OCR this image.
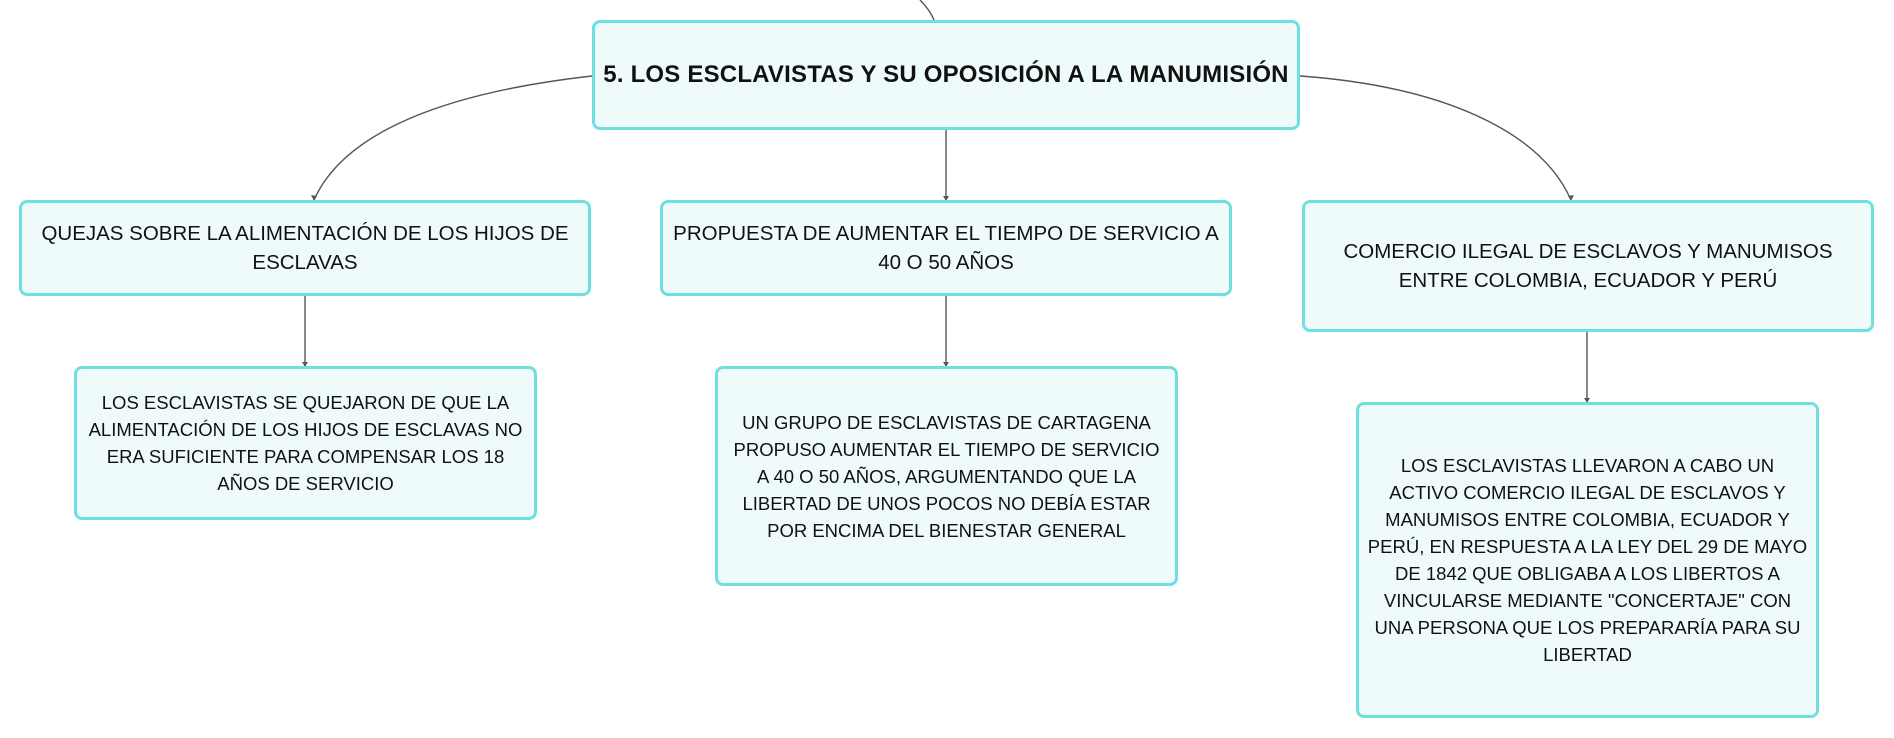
5. LOS ESCLAVISTAS Y SU OPOSICIÓN A LA MANUMISIÓN
QUEJAS SOBRE LA ALIMENTACIÓN DE LOS HIJOS DE ESCLAVAS
PROPUESTA DE AUMENTAR EL TIEMPO DE SERVICIO A 40 O 50 AÑOS	COMERCIO ILEGAL DE ESCLAVOS Y MANUMISOS ENTRE COLOMBIA, ECUADOR Y PERÚ
LOS ESCLAVISTAS SE QUEJARON DE QUE LA ALIMENTACIÓN DE LOS HIJOS DE ESCLAVAS NO ERA SUFICIENTE PARA COMPENSAR LOS 18 AÑOS DE SERVICIO
UN GRUPO DE ESCLAVISTAS DE CARTAGENA PROPUSO AUMENTAR EL TIEMPO DE SERVICIO A 40 O 50 AÑOS, ARGUMENTANDO QUE LA LIBERTAD DE UNOS POCOS NO DEBÍA ESTAR POR ENCIMA DEL BIENESTAR GENERAL
LOS ESCLAVISTAS LLEVARON A CABO UN ACTIVO COMERCIO ILEGAL DE ESCLAVOS Y MANUMISOS ENTRE COLOMBIA, ECUADOR Y PERÚ, EN RESPUESTA A LA LEY DEL 29 DE MAYO DE 1842 QUE OBLIGABA A LOS LIBERTOS A VINCULARSE MEDIANTE "CONCERTAJE" CON UNA PERSONA QUE LOS PREPARARÍA PARA SU LIBERTAD
